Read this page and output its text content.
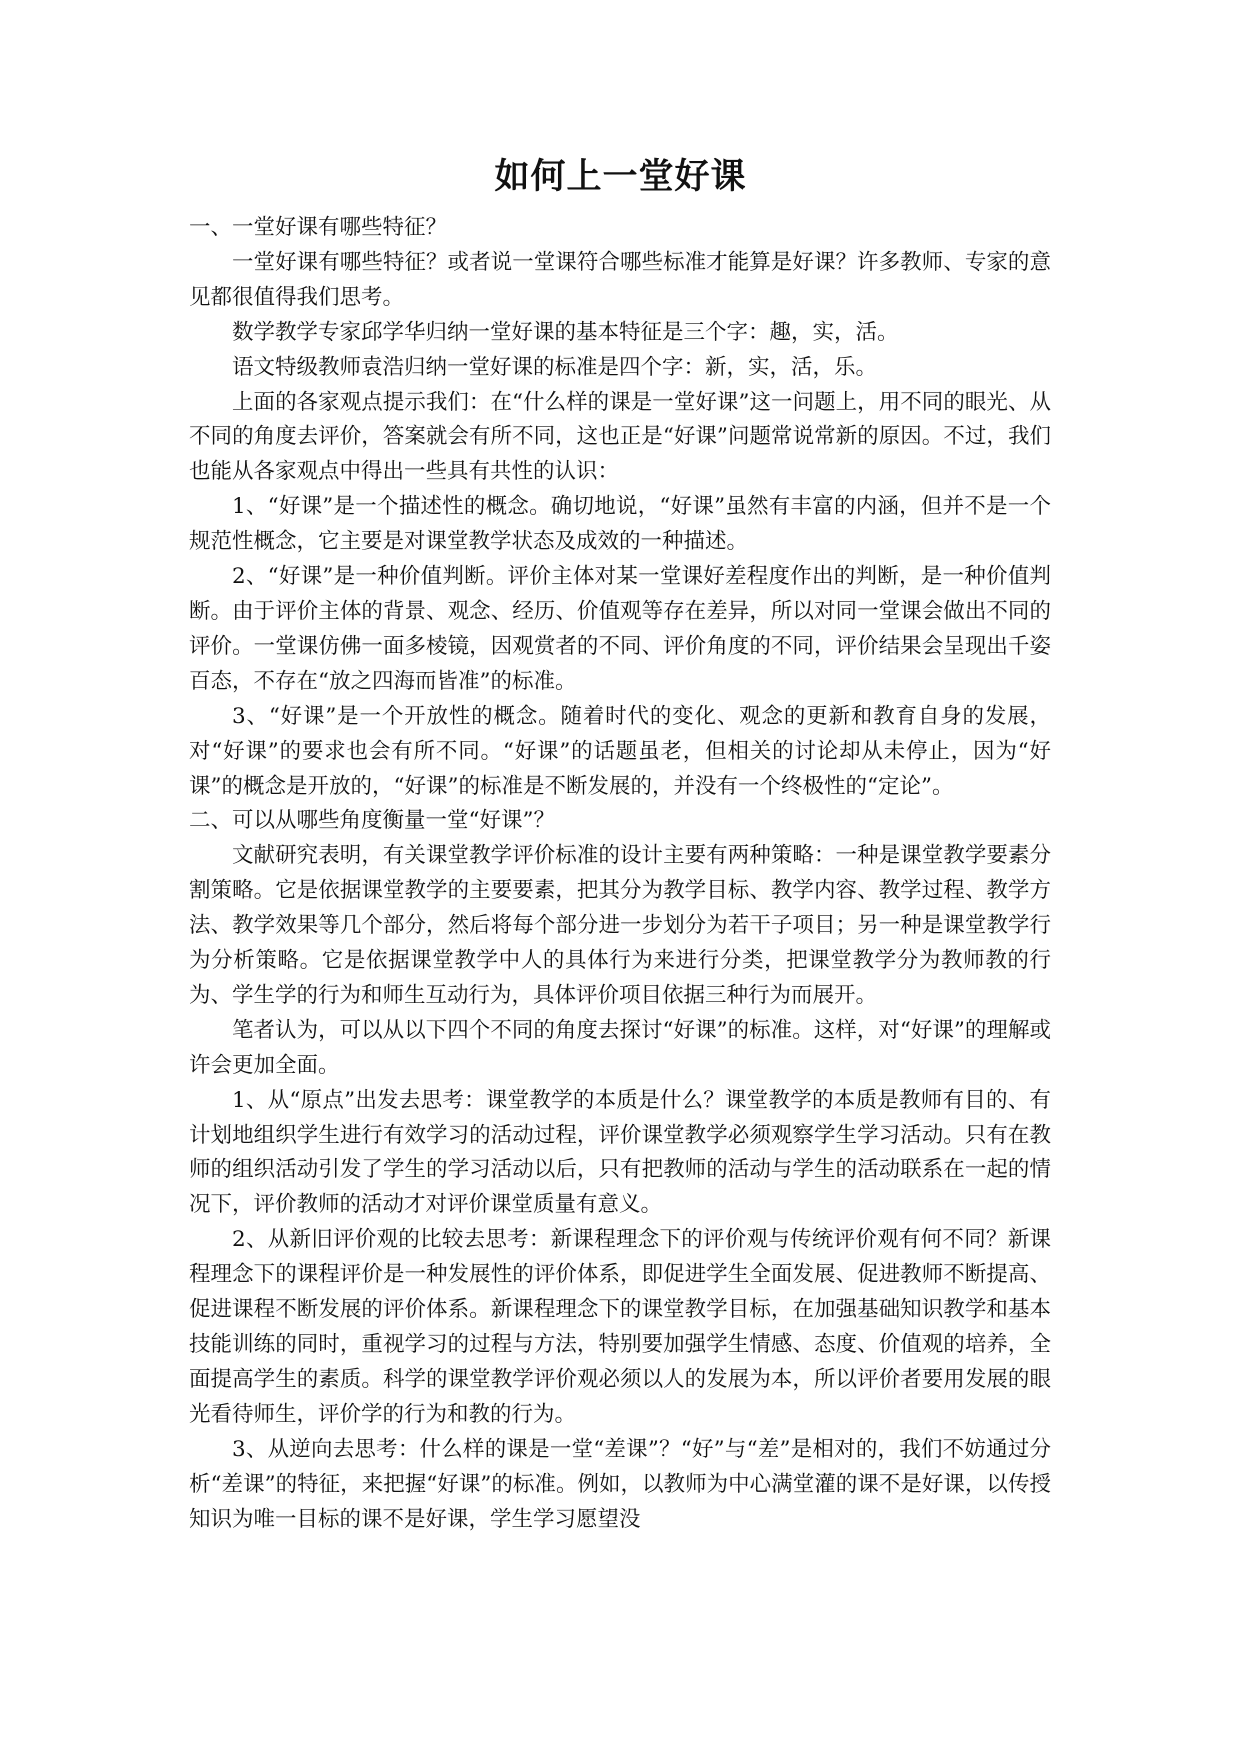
如何上一堂好课

一、一堂好课有哪些特征？

一堂好课有哪些特征？或者说一堂课符合哪些标准才能算是好课？许多教师、专家的意见都很值得我们思考。

数学教学专家邱学华归纳一堂好课的基本特征是三个字：趣，实，活。

语文特级教师袁浩归纳一堂好课的标准是四个字：新，实，活，乐。

上面的各家观点提示我们：在“什么样的课是一堂好课”这一问题上，用不同的眼光、从不同的角度去评价，答案就会有所不同，这也正是“好课”问题常说常新的原因。不过，我们也能从各家观点中得出一些具有共性的认识：

1、“好课”是一个描述性的概念。确切地说，“好课”虽然有丰富的内涵，但并不是一个规范性概念，它主要是对课堂教学状态及成效的一种描述。

2、“好课”是一种价值判断。评价主体对某一堂课好差程度作出的判断，是一种价值判断。由于评价主体的背景、观念、经历、价值观等存在差异，所以对同一堂课会做出不同的评价。一堂课仿佛一面多棱镜，因观赏者的不同、评价角度的不同，评价结果会呈现出千姿百态，不存在“放之四海而皆准”的标准。

3、“好课”是一个开放性的概念。随着时代的变化、观念的更新和教育自身的发展，对“好课”的要求也会有所不同。“好课”的话题虽老，但相关的讨论却从未停止，因为“好课”的概念是开放的，“好课”的标准是不断发展的，并没有一个终极性的“定论”。

二、可以从哪些角度衡量一堂“好课”？

文献研究表明，有关课堂教学评价标准的设计主要有两种策略：一种是课堂教学要素分割策略。它是依据课堂教学的主要要素，把其分为教学目标、教学内容、教学过程、教学方法、教学效果等几个部分，然后将每个部分进一步划分为若干子项目；另一种是课堂教学行为分析策略。它是依据课堂教学中人的具体行为来进行分类，把课堂教学分为教师教的行为、学生学的行为和师生互动行为，具体评价项目依据三种行为而展开。

笔者认为，可以从以下四个不同的角度去探讨“好课”的标准。这样，对“好课”的理解或许会更加全面。

1、从“原点”出发去思考：课堂教学的本质是什么？课堂教学的本质是教师有目的、有计划地组织学生进行有效学习的活动过程，评价课堂教学必须观察学生学习活动。只有在教师的组织活动引发了学生的学习活动以后，只有把教师的活动与学生的活动联系在一起的情况下，评价教师的活动才对评价课堂质量有意义。

2、从新旧评价观的比较去思考：新课程理念下的评价观与传统评价观有何不同？新课程理念下的课程评价是一种发展性的评价体系，即促进学生全面发展、促进教师不断提高、促进课程不断发展的评价体系。新课程理念下的课堂教学目标，在加强基础知识教学和基本技能训练的同时，重视学习的过程与方法，特别要加强学生情感、态度、价值观的培养，全面提高学生的素质。科学的课堂教学评价观必须以人的发展为本，所以评价者要用发展的眼光看待师生，评价学的行为和教的行为。

3、从逆向去思考：什么样的课是一堂“差课”？“好”与“差”是相对的，我们不妨通过分析“差课”的特征，来把握“好课”的标准。例如，以教师为中心满堂灌的课不是好课，以传授知识为唯一目标的课不是好课，学生学习愿望没
